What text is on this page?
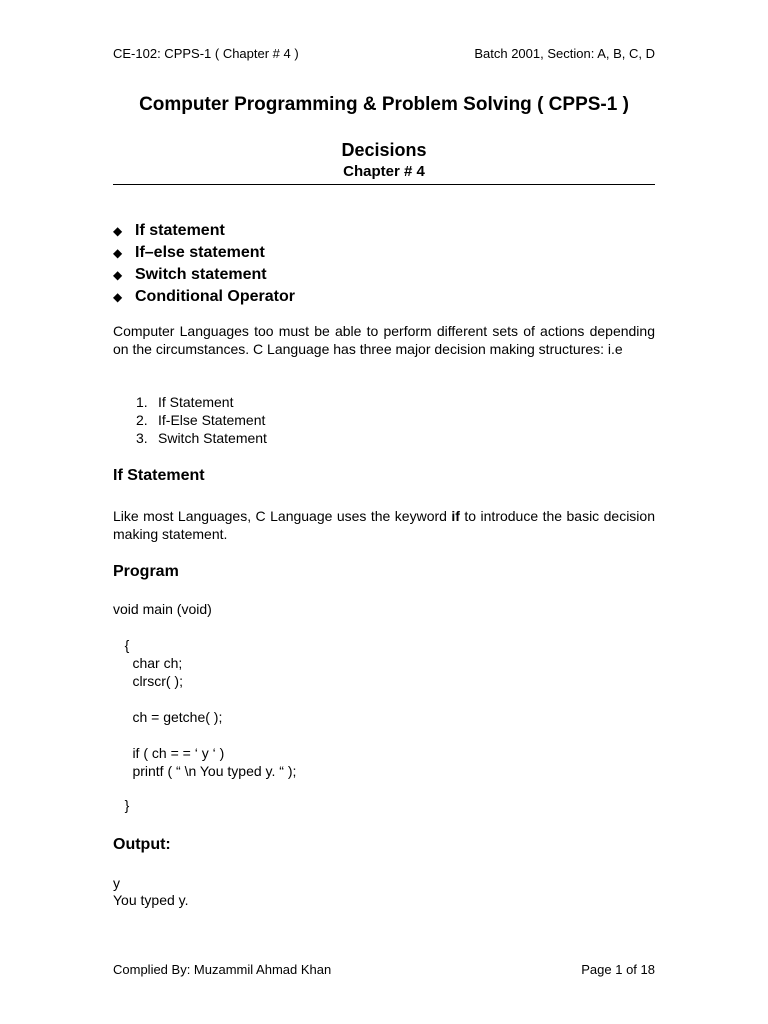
CE-102: CPPS-1 ( Chapter # 4 )	Batch 2001, Section: A, B, C, D
Computer Programming & Problem Solving ( CPPS-1 )
Decisions
Chapter # 4
◆ If statement
◆ If–else statement
◆ Switch statement
◆ Conditional Operator

Computer Languages too must be able to perform different sets of actions depending on the circumstances. C Language has three major decision making structures: i.e

1. If Statement
2. If-Else Statement
3. Switch Statement
If Statement

Like most Languages, C Language uses the keyword if to introduce the basic decision making statement.

Program
void main (void)
{
char ch;
clrscr( );
ch = getche( );
if ( ch = = ‘ y ‘ )
printf ( “ \n You typed y. “ );
}
Output:
y
You typed y.
Complied By: Muzammil Ahmad Khan	Page 1 of 18
